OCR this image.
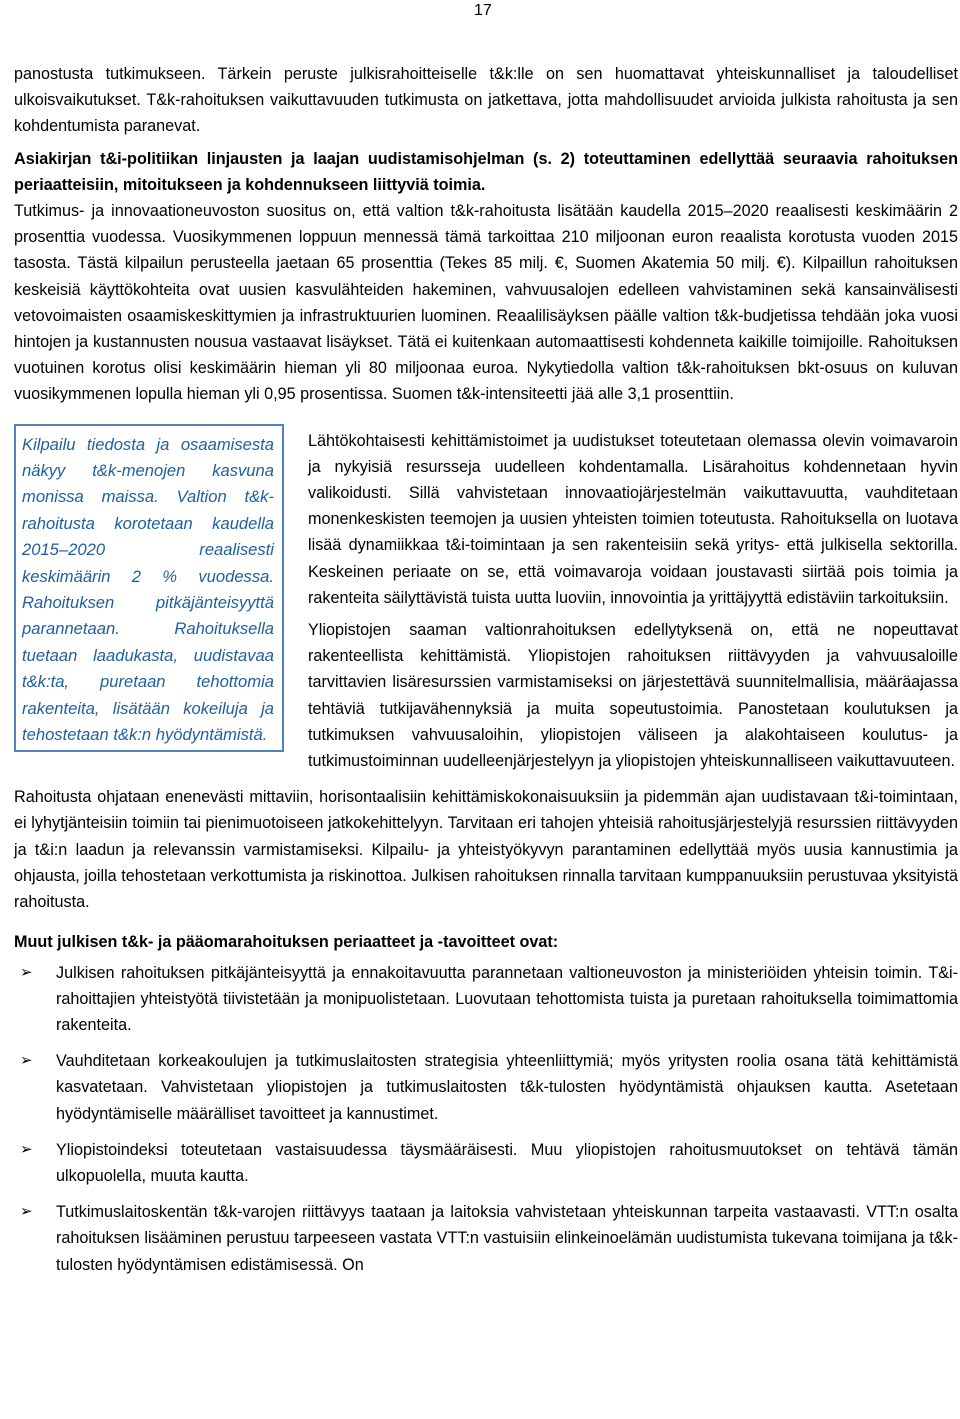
17

panostusta tutkimukseen. Tärkein peruste julkisrahoitteiselle t&k:lle on sen huomattavat yhteiskunnalliset ja taloudelliset ulkoisvaikutukset. T&k-rahoituksen vaikuttavuuden tutkimusta on jatkettava, jotta mahdollisuudet arvioida julkista rahoitusta ja sen kohdentumista paranevat.

Asiakirjan t&i-politiikan linjausten ja laajan uudistamisohjelman (s. 2) toteuttaminen edellyttää seuraavia rahoituksen periaatteisiin, mitoitukseen ja kohdennukseen liittyviä toimia.

Tutkimus- ja innovaationeuvoston suositus on, että valtion t&k-rahoitusta lisätään kaudella 2015–2020 reaalisesti keskimäärin 2 prosenttia vuodessa. Vuosikymmenen loppuun mennessä tämä tarkoittaa 210 miljoonan euron reaalista korotusta vuoden 2015 tasosta. Tästä kilpailun perusteella jaetaan 65 prosenttia (Tekes 85 milj. €, Suomen Akatemia 50 milj. €). Kilpaillun rahoituksen keskeisiä käyttökohteita ovat uusien kasvulähteiden hakeminen, vahvuusalojen edelleen vahvistaminen sekä kansainvälisesti vetovoimaisten osaamiskeskittymien ja infrastruktuurien luominen. Reaalilisäyksen päälle valtion t&k-budjetissa tehdään joka vuosi hintojen ja kustannusten nousua vastaavat lisäykset. Tätä ei kuitenkaan automaattisesti kohdenneta kaikille toimijoille. Rahoituksen vuotuinen korotus olisi keskimäärin hieman yli 80 miljoonaa euroa. Nykytiedolla valtion t&k-rahoituksen bkt-osuus on kuluvan vuosikymmenen lopulla hieman yli 0,95 prosentissa. Suomen t&k-intensiteetti jää alle 3,1 prosenttiin.

Kilpailu tiedosta ja osaamisesta näkyy t&k-menojen kasvuna monissa maissa. Valtion t&k-rahoitusta korotetaan kaudella 2015–2020 reaalisesti keskimäärin 2 % vuodessa. Rahoituksen pitkäjänteisyyttä parannetaan. Rahoituksella tuetaan laadukasta, uudistavaa t&k:ta, puretaan tehottomia rakenteita, lisätään kokeiluja ja tehostetaan t&k:n hyödyntämistä.

Lähtökohtaisesti kehittämistoimet ja uudistukset toteutetaan olemassa olevin voimavaroin ja nykyisiä resursseja uudelleen kohdentamalla. Lisärahoitus kohdennetaan hyvin valikoidusti. Sillä vahvistetaan innovaatiojärjestelmän vaikuttavuutta, vauhditetaan monenkeskisten teemojen ja uusien yhteisten toimien toteutusta. Rahoituksella on luotava lisää dynamiikkaa t&i-toimintaan ja sen rakenteisiin sekä yritys- että julkisella sektorilla. Keskeinen periaate on se, että voimavaroja voidaan joustavasti siirtää pois toimia ja rakenteita säilyttävistä tuista uutta luoviin, innovointia ja yrittäjyyttä edistäviin tarkoituksiin.

Yliopistojen saaman valtionrahoituksen edellytyksenä on, että ne nopeuttavat rakenteellista kehittämistä. Yliopistojen rahoituksen riittävyyden ja vahvuusaloille tarvittavien lisäresurssien varmistamiseksi on järjestettävä suunnitelmallisia, määräajassa tehtäviä tutkijavähennyksiä ja muita sopeutustoimia. Panostetaan koulutuksen ja tutkimuksen vahvuusaloihin, yliopistojen väliseen ja alakohtaiseen koulutus- ja tutkimustoiminnan uudelleenjärjestelyyn ja yliopistojen yhteiskunnalliseen vaikuttavuuteen.

Rahoitusta ohjataan enenevästi mittaviin, horisontaalisiin kehittämiskokonaisuuksiin ja pidemmän ajan uudistavaan t&i-toimintaan, ei lyhytjänteisiin toimiin tai pienimuotoiseen jatkokehittelyyn. Tarvitaan eri tahojen yhteisiä rahoitusjärjestelyjä resurssien riittävyyden ja t&i:n laadun ja relevanssin varmistamiseksi. Kilpailu- ja yhteistyökyvyn parantaminen edellyttää myös uusia kannustimia ja ohjausta, joilla tehostetaan verkottumista ja riskinottoa. Julkisen rahoituksen rinnalla tarvitaan kumppanuuksiin perustuvaa yksityistä rahoitusta.

Muut julkisen t&k- ja pääomarahoituksen periaatteet ja -tavoitteet ovat:

➢ Julkisen rahoituksen pitkäjänteisyyttä ja ennakoitavuutta parannetaan valtioneuvoston ja ministeriöiden yhteisin toimin. T&i-rahoittajien yhteistyötä tiivistetään ja monipuolistetaan. Luovutaan tehottomista tuista ja puretaan rahoituksella toimimattomia rakenteita.
➢ Vauhditetaan korkeakoulujen ja tutkimuslaitosten strategisia yhteenliittymiä; myös yritysten roolia osana tätä kehittämistä kasvatetaan. Vahvistetaan yliopistojen ja tutkimuslaitosten t&k-tulosten hyödyntämistä ohjauksen kautta. Asetetaan hyödyntämiselle määrälliset tavoitteet ja kannustimet.
➢ Yliopistoindeksi toteutetaan vastaisuudessa täysmääräisesti. Muu yliopistojen rahoitusmuutokset on tehtävä tämän ulkopuolella, muuta kautta.
➢ Tutkimuslaitoskentän t&k-varojen riittävyys taataan ja laitoksia vahvistetaan yhteiskunnan tarpeita vastaavasti. VTT:n osalta rahoituksen lisääminen perustuu tarpeeseen vastata VTT:n vastuisiin elinkeinoelämän uudistumista tukevana toimijana ja t&k-tulosten hyödyntämisen edistämisessä. On
